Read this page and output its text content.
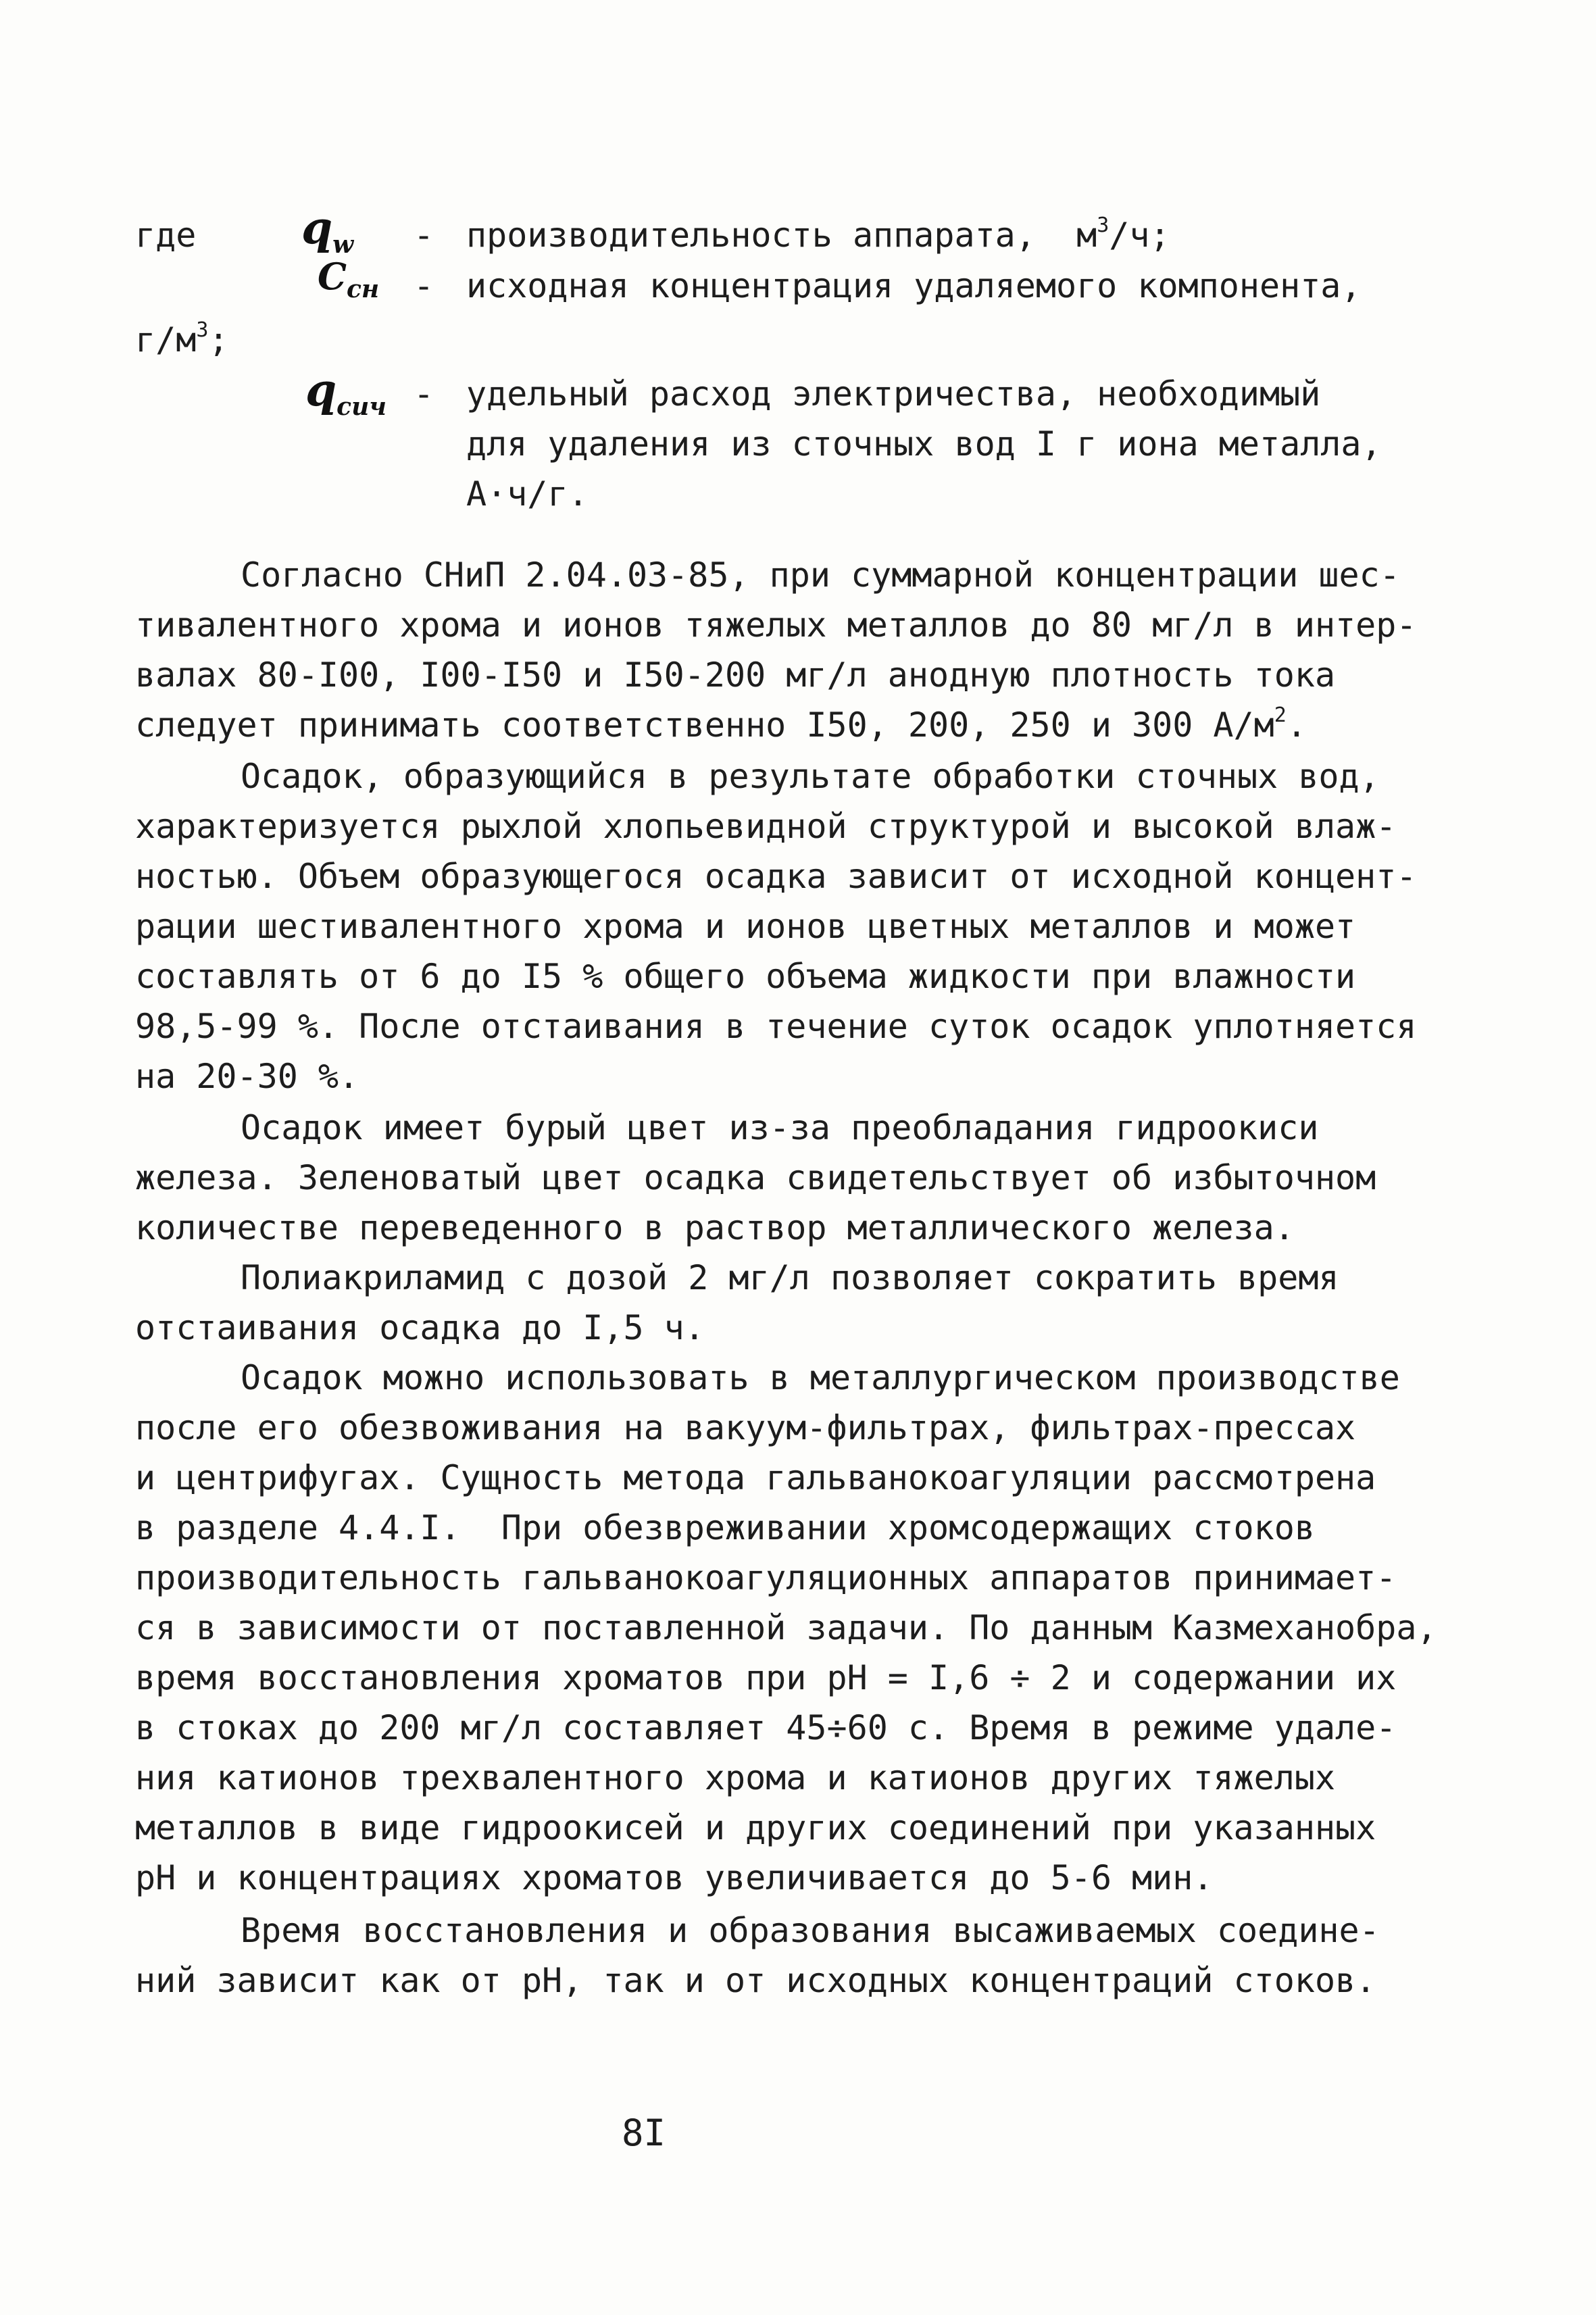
где $q_w$ - производительность аппарата,  $м^3/ч$;
$C_{сн}$ - исходная концентрация удаляемого компонента,
$г/м^3$;
$q_{сич}$ - удельный расход электричества, необходимый
для удаления из сточных вод I г иона металла,
А·ч/г.
Согласно СНиП 2.04.03-85, при суммарной концентрации шес-
тивалентного хрома и ионов тяжелых металлов до 80 мг/л в интер-
валах 80-I00, I00-I50 и I50-200 мг/л анодную плотность тока
следует принимать соответственно I50, 200, 250 и 300 $А/м^2$.
Осадок, образующийся в результате обработки сточных вод,
характеризуется рыхлой хлопьевидной структурой и высокой влаж-
ностью. Объем образующегося осадка зависит от исходной концент-
рации шестивалентного хрома и ионов цветных металлов и может
составлять от 6 до I5 % общего объема жидкости при влажности
98,5-99 %. После отстаивания в течение суток осадок уплотняется
на 20-30 %.
Осадок имеет бурый цвет из-за преобладания гидроокиси
железа. Зеленоватый цвет осадка свидетельствует об избыточном
количестве переведенного в раствор металлического железа.
Полиакриламид с дозой 2 мг/л позволяет сократить время
отстаивания осадка до I,5 ч.
Осадок можно использовать в металлургическом производстве
после его обезвоживания на вакуум-фильтрах, фильтрах-прессах
и центрифугах. Сущность метода гальванокоагуляции рассмотрена
в разделе 4.4.I.  При обезвреживании хромсодержащих стоков
производительность гальванокоагуляционных аппаратов принимает-
ся в зависимости от поставленной задачи. По данным Казмеханобра,
время восстановления хроматов при рН = I,6 ÷ 2 и содержании их
в стоках до 200 мг/л составляет 45÷60 с. Время в режиме удале-
ния катионов трехвалентного хрома и катионов других тяжелых
металлов в виде гидроокисей и других соединений при указанных
рН и концентрациях хроматов увеличивается до 5-6 мин.
Время восстановления и образования высаживаемых соедине-
ний зависит как от рН, так и от исходных концентраций стоков.
8I
